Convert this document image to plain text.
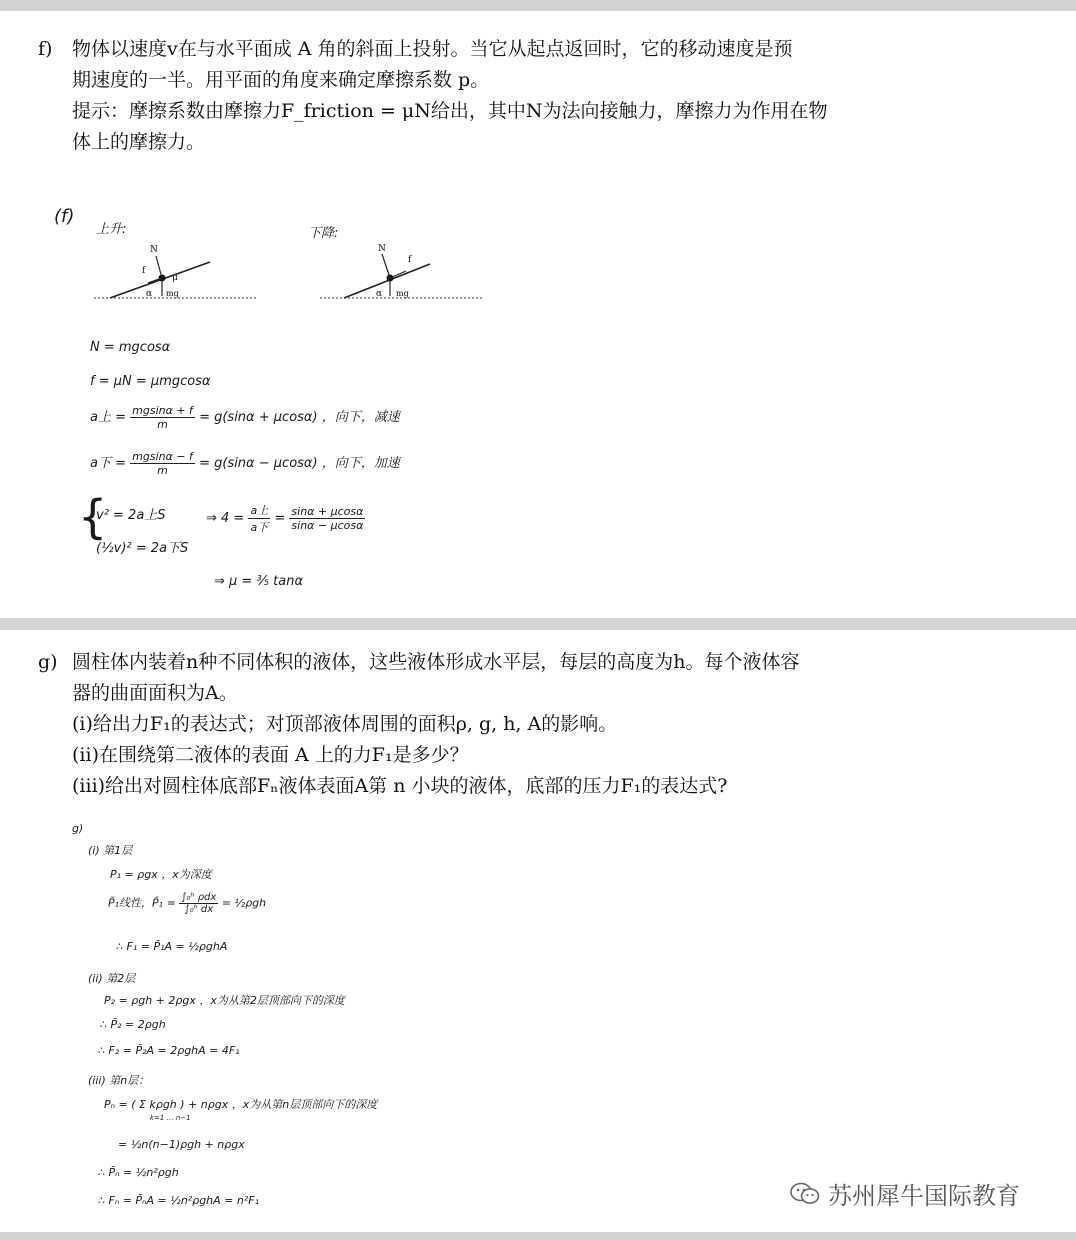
f) 物体以速度v在与水平面成 A 角的斜面上投射。当它从起点返回时，它的移动速度是预

期速度的一半。用平面的角度来确定摩擦系数 p。

提示：摩擦系数由摩擦力F_friction = μN给出，其中N为法向接触力，摩擦力为作用在物

体上的摩擦力。

(f)
上升:	下降:
N
f
μ
α mg
N
f
α mg
N = mgcosα
f = μN = μmgcosα
a上 = $\frac{mgsin\alpha + f}{m} = g(\sin\alpha + \mu\cos\alpha)$ ，向下，减速
a下 = $\frac{mgsin\alpha - f}{m} = g(\sin\alpha - \mu\cos\alpha)$ ，向下，加速
{
v² = 2a上S
(½v)² = 2a下S
⇒ $4 = \frac{\text{a上}}{\text{a下}} = \frac{\sin\alpha + \mu\cos\alpha}{\sin\alpha - \mu\cos\alpha}$
⇒ μ = ⅗ tanα
g) 圆柱体内装着n种不同体积的液体，这些液体形成水平层，每层的高度为h。每个液体容

器的曲面面积为A。

(i)给出力F₁的表达式；对顶部液体周围的面积ρ, g, h, A的影响。

(ii)在围绕第二液体的表面 A 上的力F₁是多少？

(iii)给出对圆柱体底部Fₙ液体表面A第 n 小块的液体，底部的压力F₁的表达式?

g)
(i) 第1层
P₁ = ρgx ，x为深度
P̄₁线性，P̄₁ = $\frac{\text{∫₀ʰ ρdx}}{\text{∫₀ʰ dx}}$ = ½ρgh
∴ F₁ = P̄₁A = ½ρghA
(ii) 第2层
P₂ = ρgh + 2ρgx ，x为从第2层顶部向下的深度
∴ P̄₂ = 2ρgh
∴ F₂ = P̄₂A = 2ρghA = 4F₁
(iii) 第n层：
Pₙ = ( Σ kρgh ) + nρgx ，x为从第n层顶部向下的深度
k=1 … n−1
= ½n(n−1)ρgh + nρgx
∴ P̄ₙ = ½n²ρgh
∴ Fₙ = P̄ₙA = ½n²ρghA = n²F₁	苏州犀牛国际教育
